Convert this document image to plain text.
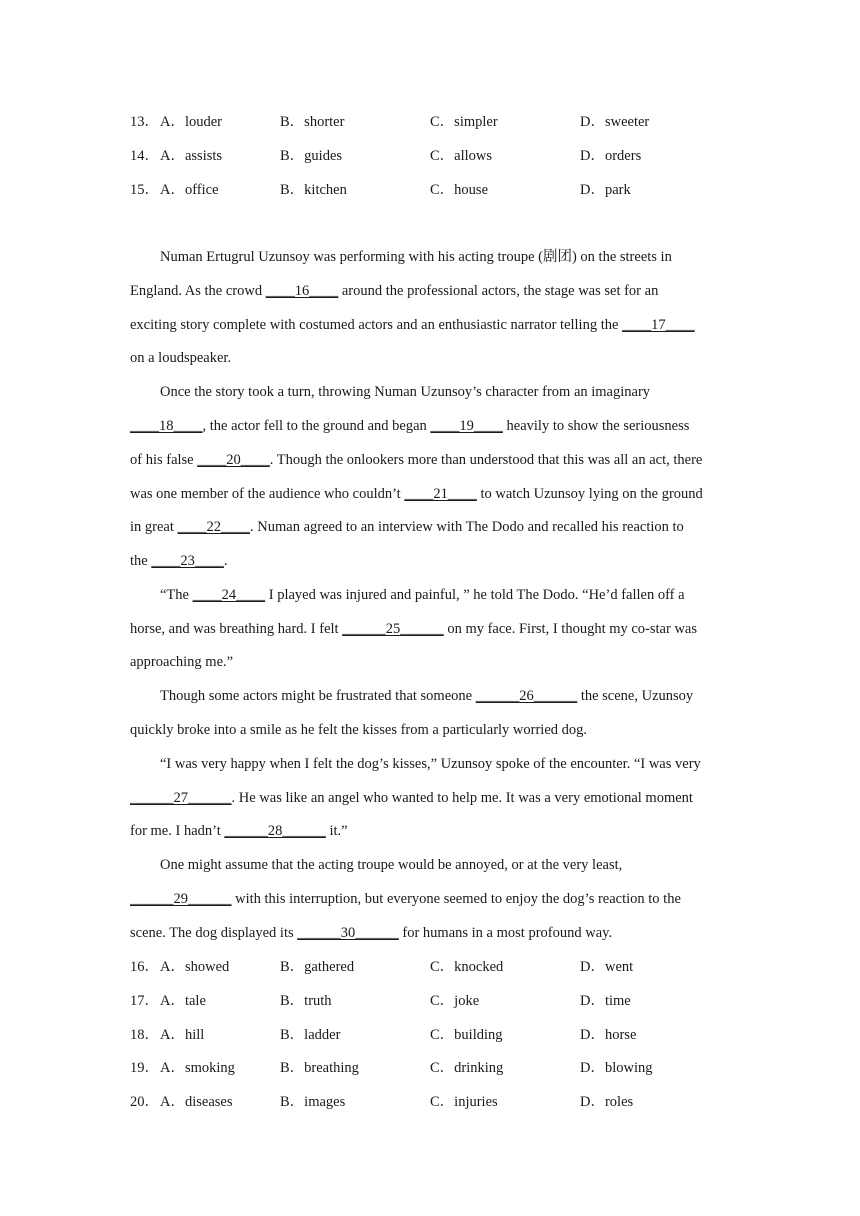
13． A．louder	B．shorter	C．simpler	D．sweeter
14． A．assists	B．guides	C．allows	D．orders
15． A．office	B．kitchen	C．house	D．park
Numan Ertugrul Uzunsoy was performing with his acting troupe (剧团) on the streets in
England. As the crowd ____16____ around the professional actors, the stage was set for an
exciting story complete with costumed actors and an enthusiastic narrator telling the ____17____
on a loudspeaker.
Once the story took a turn, throwing Numan Uzunsoy’s character from an imaginary
____18____, the actor fell to the ground and began ____19____ heavily to show the seriousness
of his false ____20____. Though the onlookers more than understood that this was all an act, there
was one member of the audience who couldn’t ____21____ to watch Uzunsoy lying on the ground
in great ____22____. Numan agreed to an interview with The Dodo and recalled his reaction to
the ____23____.
“The ____24____ I played was injured and painful, ” he told The Dodo. “He’d fallen off a
horse, and was breathing hard. I felt ______25______ on my face. First, I thought my co-star was
approaching me.”
Though some actors might be frustrated that someone ______26______ the scene, Uzunsoy
quickly broke into a smile as he felt the kisses from a particularly worried dog.
“I was very happy when I felt the dog’s kisses,” Uzunsoy spoke of the encounter. “I was very
______27______. He was like an angel who wanted to help me. It was a very emotional moment
for me. I hadn’t ______28______ it.”
One might assume that the acting troupe would be annoyed, or at the very least,
______29______ with this interruption, but everyone seemed to enjoy the dog’s reaction to the
scene. The dog displayed its ______30______ for humans in a most profound way.
16． A．showed	B．gathered	C．knocked	D．went
17． A．tale	B．truth	C．joke	D．time
18． A．hill	B．ladder	C．building	D．horse
19． A．smoking	B．breathing	C．drinking	D．blowing
20． A．diseases	B．images	C．injuries	D．roles
